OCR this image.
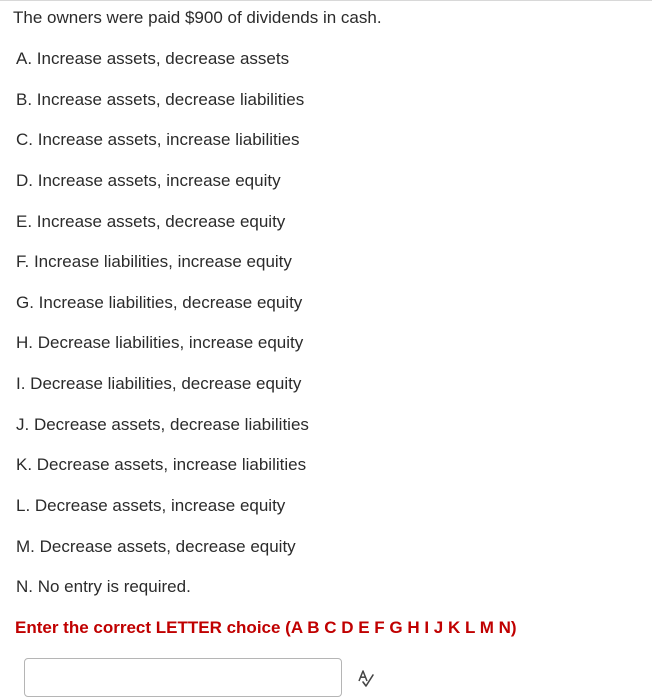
The owners were paid $900 of dividends in cash.
A. Increase assets, decrease assets
B. Increase assets, decrease liabilities
C. Increase assets, increase liabilities
D. Increase assets, increase equity
E. Increase assets, decrease equity
F. Increase liabilities, increase equity
G. Increase liabilities, decrease equity
H. Decrease liabilities, increase equity
I. Decrease liabilities, decrease equity
J. Decrease assets, decrease liabilities
K. Decrease assets, increase liabilities
L. Decrease assets, increase equity
M. Decrease assets, decrease equity
N. No entry is required.
Enter the correct LETTER choice (A B C D E F G H I J K L M N)
